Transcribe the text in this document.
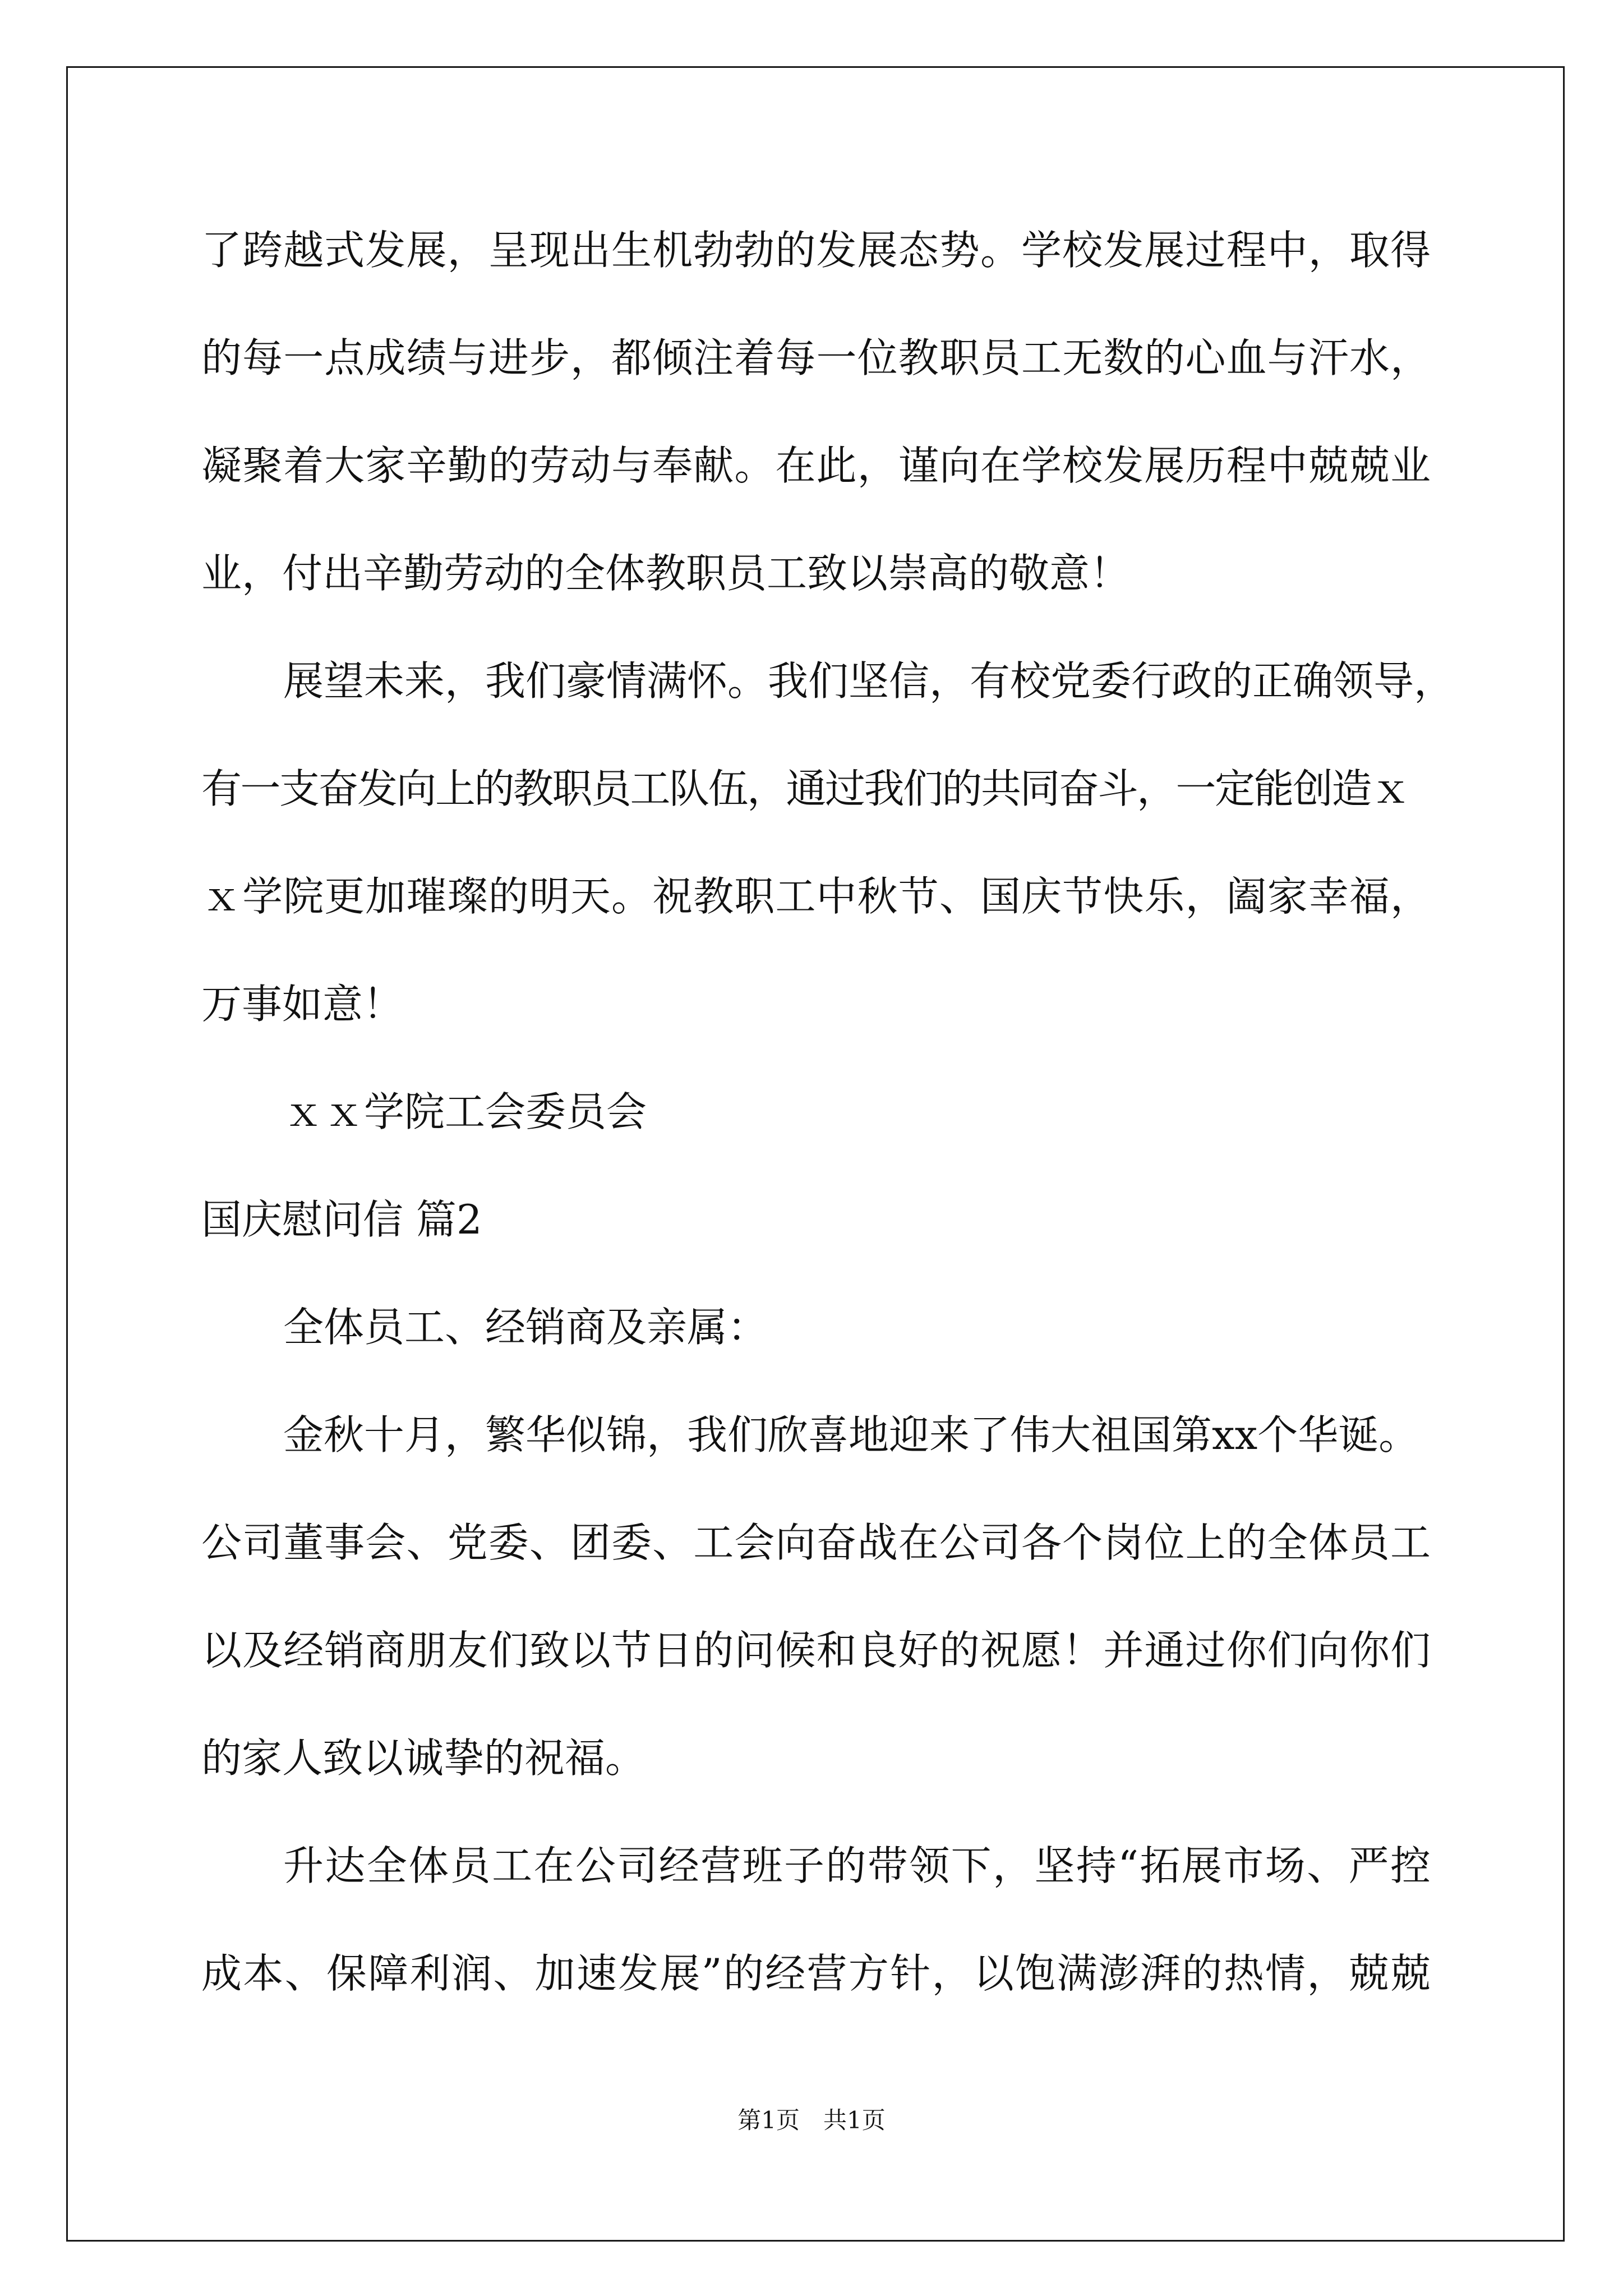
了跨越式发展，呈现出生机勃勃的发展态势。学校发展过程中，取得
的每一点成绩与进步，都倾注着每一位教职员工无数的心血与汗水，
凝聚着大家辛勤的劳动与奉献。在此，谨向在学校发展历程中兢兢业
业，付出辛勤劳动的全体教职员工致以崇高的敬意！
展望未来，我们豪情满怀。我们坚信，有校党委行政的正确领导，
有一支奋发向上的教职员工队伍，通过我们的共同奋斗，一定能创造ｘ
ｘ学院更加璀璨的明天。祝教职工中秋节、国庆节快乐，阖家幸福，
万事如意！
ｘｘ学院工会委员会
国庆慰问信 篇2
全体员工、经销商及亲属：
金秋十月，繁华似锦，我们欣喜地迎来了伟大祖国第xx个华诞。
公司董事会、党委、团委、工会向奋战在公司各个岗位上的全体员工
以及经销商朋友们致以节日的问候和良好的祝愿！并通过你们向你们
的家人致以诚挚的祝福。
升达全体员工在公司经营班子的带领下，坚持“拓展市场、严控
成本、保障利润、加速发展”的经营方针，以饱满澎湃的热情，兢兢
第1页 共1页
